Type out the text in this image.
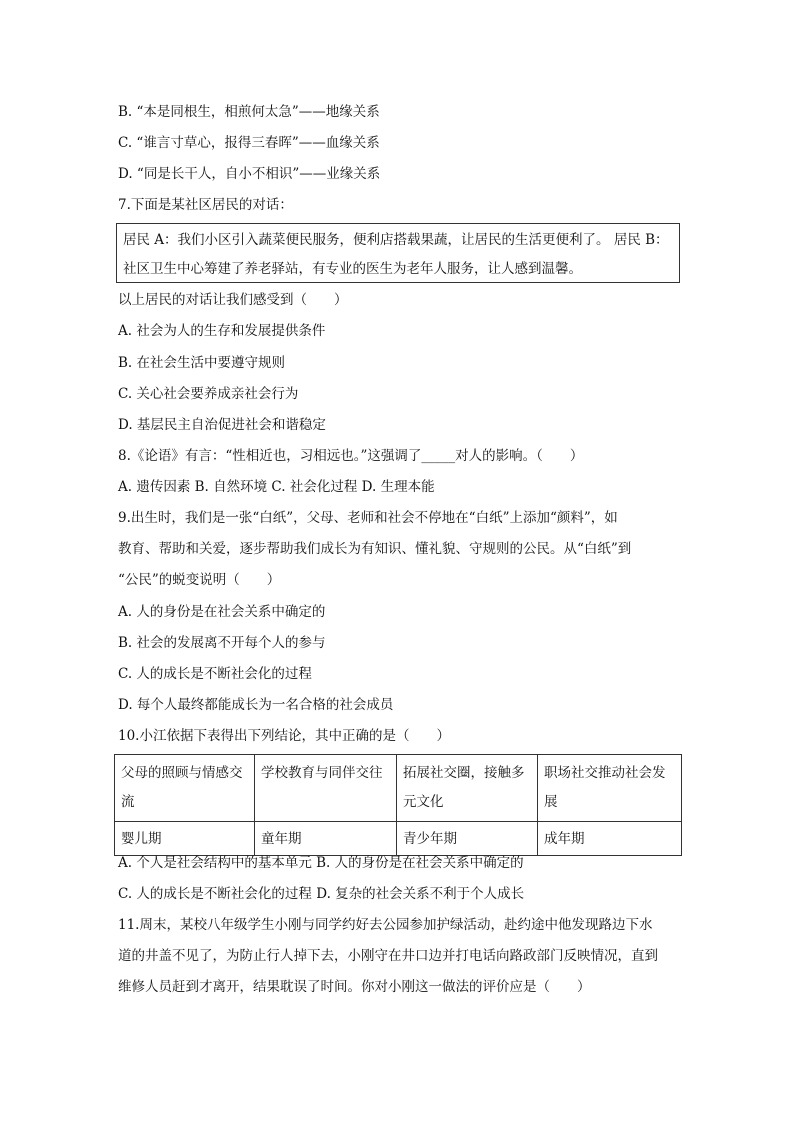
B. “本是同根生，相煎何太急”——地缘关系
C. “谁言寸草心，报得三春晖”——血缘关系
D. “同是长干人，自小不相识”——业缘关系
7.下面是某社区居民的对话：
居民 A：我们小区引入蔬菜便民服务，便利店搭载果蔬，让居民的生活更便利了。 居民 B：
社区卫生中心筹建了养老驿站，有专业的医生为老年人服务，让人感到温馨。
以上居民的对话让我们感受到（　　）
A. 社会为人的生存和发展提供条件
B. 在社会生活中要遵守规则
C. 关心社会要养成亲社会行为
D. 基层民主自治促进社会和谐稳定
8.《论语》有言：“性相近也，习相远也。”这强调了_____对人的影响。（　　）
A. 遗传因素 B. 自然环境 C. 社会化过程 D. 生理本能
9.出生时，我们是一张“白纸”，父母、老师和社会不停地在“白纸”上添加“颜料”，如
教育、帮助和关爱，逐步帮助我们成长为有知识、懂礼貌、守规则的公民。从“白纸”到
“公民”的蜕变说明（　　）
A. 人的身份是在社会关系中确定的
B. 社会的发展离不开每个人的参与
C. 人的成长是不断社会化的过程
D. 每个人最终都能成长为一名合格的社会成员
10.小江依据下表得出下列结论，其中正确的是（　　）
父母的照顾与情感交流	学校教育与同伴交往	拓展社交圈，接触多元文化	职场社交推动社会发展
婴儿期	童年期	青少年期	成年期
A. 个人是社会结构中的基本单元 B. 人的身份是在社会关系中确定的
C. 人的成长是不断社会化的过程 D. 复杂的社会关系不利于个人成长
11.周末，某校八年级学生小刚与同学约好去公园参加护绿活动，赴约途中他发现路边下水
道的井盖不见了，为防止行人掉下去，小刚守在井口边并打电话向路政部门反映情况，直到
维修人员赶到才离开，结果耽误了时间。你对小刚这一做法的评价应是（　　）
